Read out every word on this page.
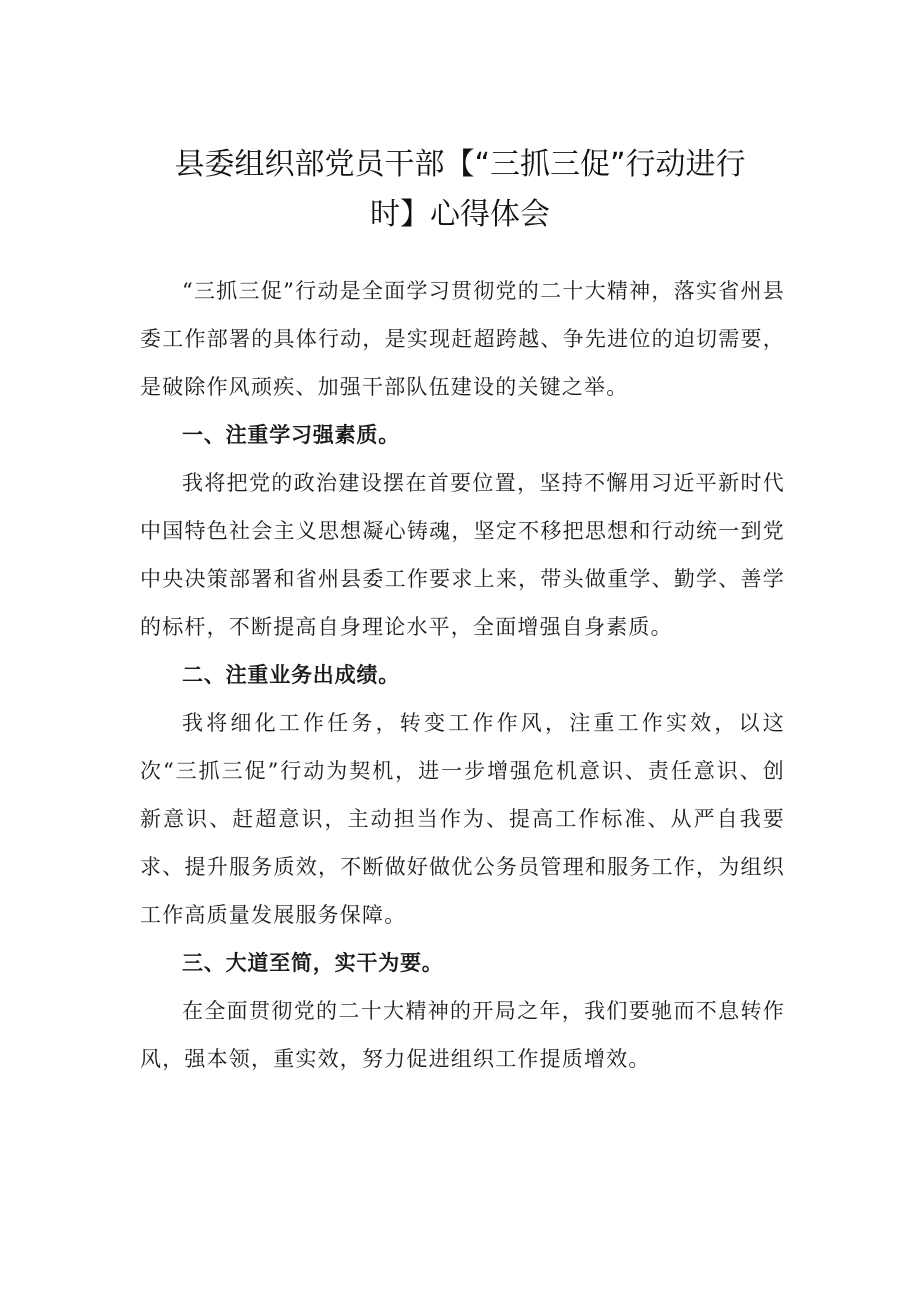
县委组织部党员干部【“三抓三促”行动进行
时】心得体会

“三抓三促”行动是全面学习贯彻党的二十大精神，落实省州县委工作部署的具体行动，是实现赶超跨越、争先进位的迫切需要，是破除作风顽疾、加强干部队伍建设的关键之举。

一、注重学习强素质。

我将把党的政治建设摆在首要位置，坚持不懈用习近平新时代中国特色社会主义思想凝心铸魂，坚定不移把思想和行动统一到党中央决策部署和省州县委工作要求上来，带头做重学、勤学、善学的标杆，不断提高自身理论水平，全面增强自身素质。

二、注重业务出成绩。

我将细化工作任务，转变工作作风，注重工作实效，以这次“三抓三促”行动为契机，进一步增强危机意识、责任意识、创新意识、赶超意识，主动担当作为、提高工作标准、从严自我要求、提升服务质效，不断做好做优公务员管理和服务工作，为组织工作高质量发展服务保障。

三、大道至简，实干为要。

在全面贯彻党的二十大精神的开局之年，我们要驰而不息转作风，强本领，重实效，努力促进组织工作提质增效。
